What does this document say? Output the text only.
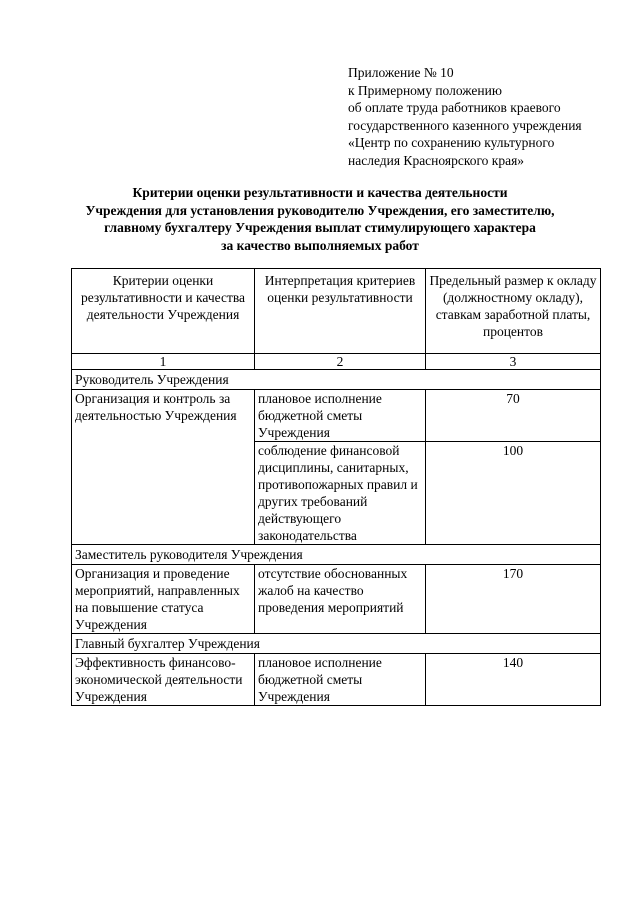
Приложение № 10
к Примерному положению
об оплате труда работников краевого
государственного казенного учреждения
«Центр по сохранению культурного
наследия Красноярского края»
Критерии оценки результативности и качества деятельности
Учреждения для установления руководителю Учреждения, его заместителю,
главному бухгалтеру Учреждения выплат стимулирующего характера
за качество выполняемых работ
Критерии оценки результативности и качества деятельности Учреждения	Интерпретация критериев оценки результативности	Предельный размер к окладу (должностному окладу), ставкам заработной платы, процентов
1	2	3
Руководитель Учреждения		
Организация и контроль за деятельностью Учреждения	плановое исполнение бюджетной сметы Учреждения	70
	соблюдение финансовой дисциплины, санитарных, противопожарных правил и других требований действующего законодательства	100
Заместитель руководителя Учреждения		
Организация и проведение мероприятий, направленных на повышение статуса Учреждения	отсутствие обоснованных жалоб на качество проведения мероприятий	170
Главный бухгалтер Учреждения		
Эффективность финансово-экономической деятельности Учреждения	плановое исполнение бюджетной сметы Учреждения	140
